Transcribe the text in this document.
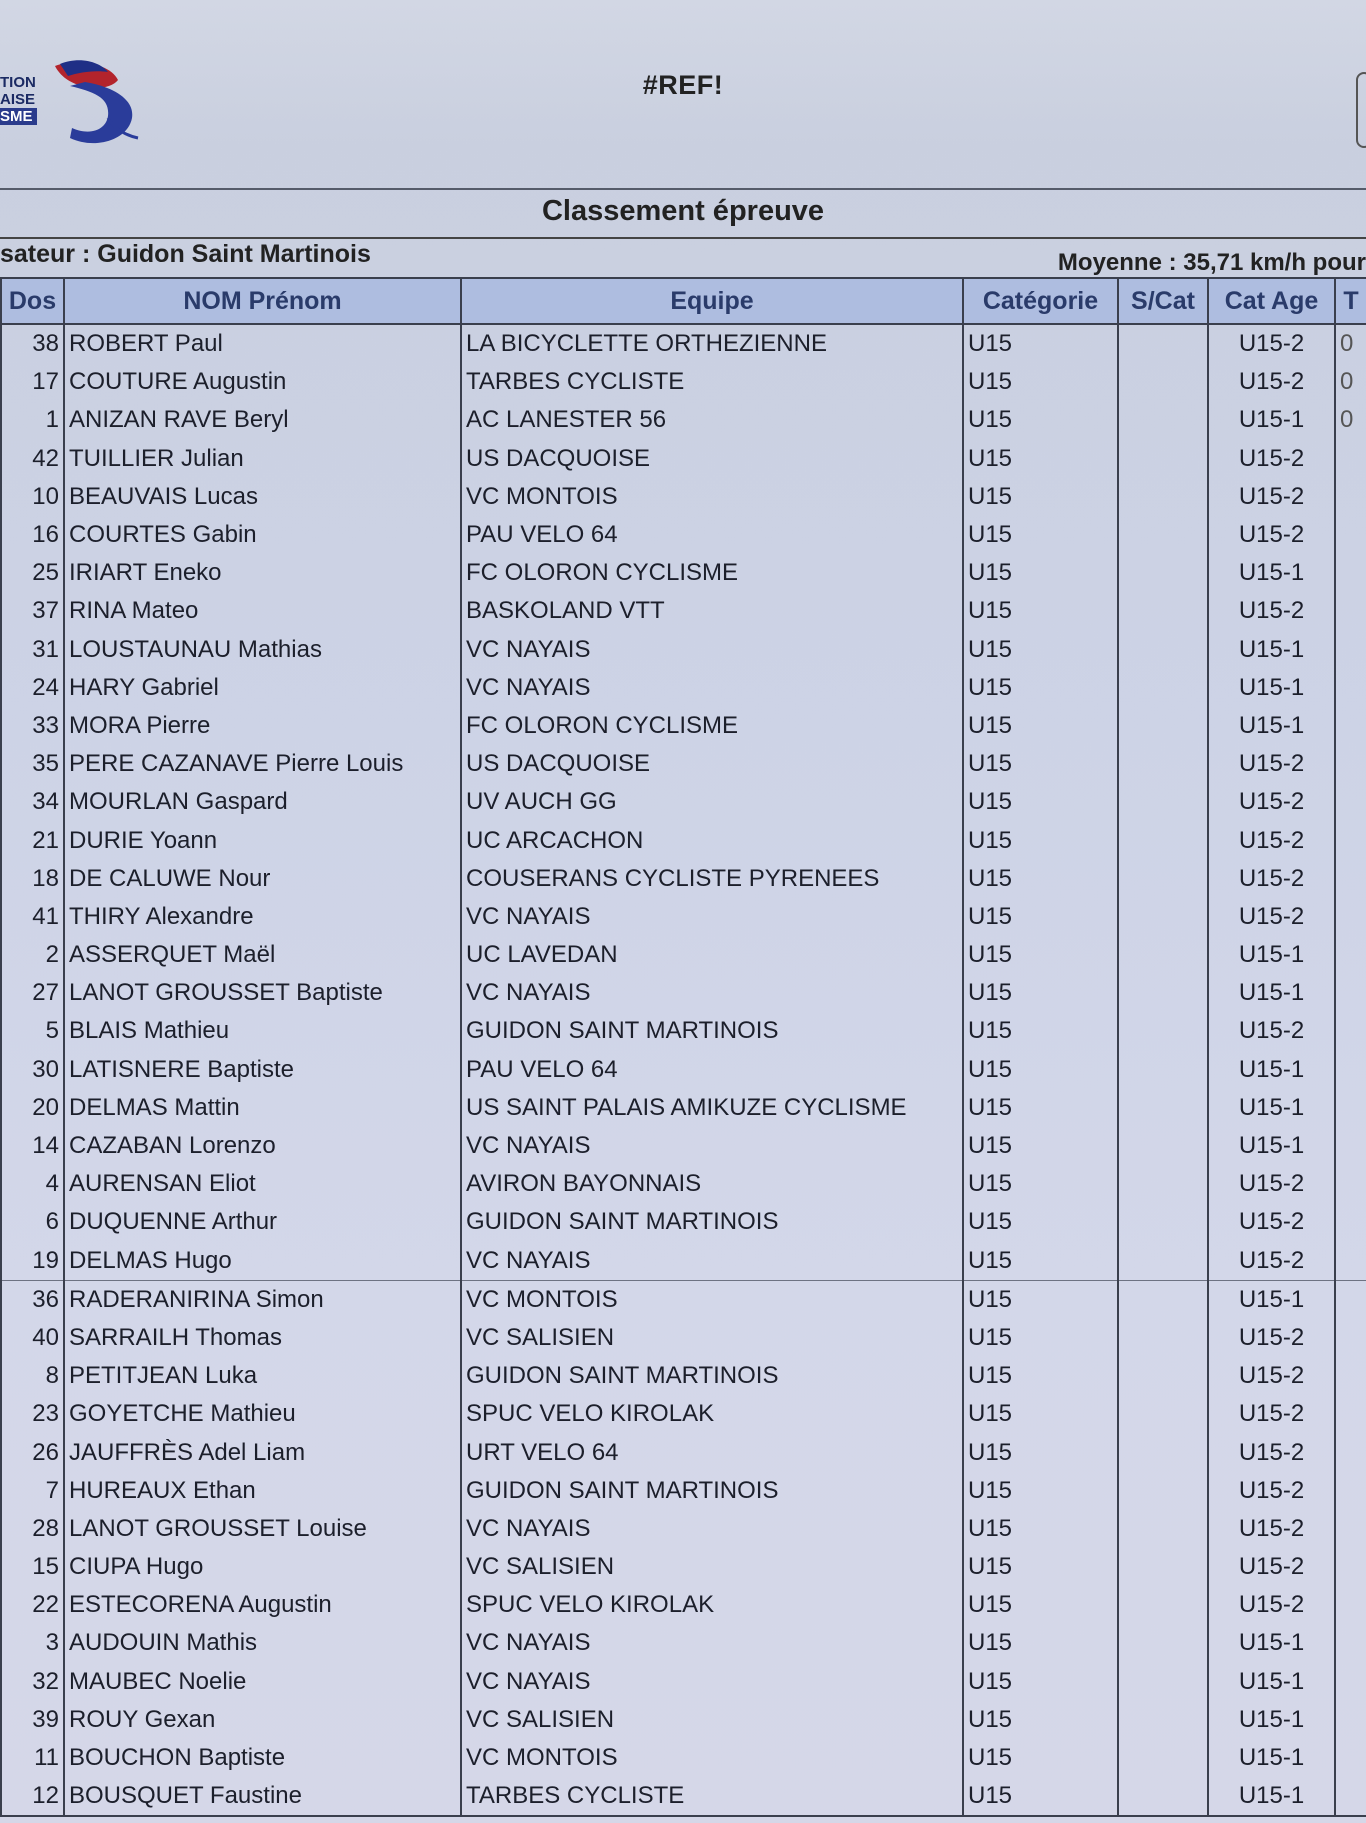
TION
AISE
SME
#REF!
Classement épreuve
sateur : Guidon Saint Martinois	Moyenne : 35,71 km/h pour
Dos	NOM Prénom	Equipe	Catégorie	S/Cat	Cat Age	T
38	ROBERT Paul	LA BICYCLETTE ORTHEZIENNE	U15		U15-2	0
17	COUTURE Augustin	TARBES CYCLISTE	U15		U15-2	0
1	ANIZAN RAVE Beryl	AC LANESTER 56	U15		U15-1	0
42	TUILLIER Julian	US DACQUOISE	U15		U15-2	
10	BEAUVAIS Lucas	VC MONTOIS	U15		U15-2	
16	COURTES Gabin	PAU VELO 64	U15		U15-2	
25	IRIART Eneko	FC OLORON CYCLISME	U15		U15-1	
37	RINA Mateo	BASKOLAND VTT	U15		U15-2	
31	LOUSTAUNAU Mathias	VC NAYAIS	U15		U15-1	
24	HARY Gabriel	VC NAYAIS	U15		U15-1	
33	MORA Pierre	FC OLORON CYCLISME	U15		U15-1	
35	PERE CAZANAVE Pierre Louis	US DACQUOISE	U15		U15-2	
34	MOURLAN Gaspard	UV AUCH GG	U15		U15-2	
21	DURIE Yoann	UC ARCACHON	U15		U15-2	
18	DE CALUWE Nour	COUSERANS CYCLISTE PYRENEES	U15		U15-2	
41	THIRY Alexandre	VC NAYAIS	U15		U15-2	
2	ASSERQUET Maël	UC LAVEDAN	U15		U15-1	
27	LANOT GROUSSET Baptiste	VC NAYAIS	U15		U15-1	
5	BLAIS Mathieu	GUIDON SAINT MARTINOIS	U15		U15-2	
30	LATISNERE Baptiste	PAU VELO 64	U15		U15-1	
20	DELMAS Mattin	US SAINT PALAIS AMIKUZE CYCLISME	U15		U15-1	
14	CAZABAN Lorenzo	VC NAYAIS	U15		U15-1	
4	AURENSAN Eliot	AVIRON BAYONNAIS	U15		U15-2	
6	DUQUENNE Arthur	GUIDON SAINT MARTINOIS	U15		U15-2	
19	DELMAS Hugo	VC NAYAIS	U15		U15-2	
36	RADERANIRINA Simon	VC MONTOIS	U15		U15-1	
40	SARRAILH Thomas	VC SALISIEN	U15		U15-2	
8	PETITJEAN Luka	GUIDON SAINT MARTINOIS	U15		U15-2	
23	GOYETCHE Mathieu	SPUC VELO KIROLAK	U15		U15-2	
26	JAUFFRÈS Adel Liam	URT VELO 64	U15		U15-2	
7	HUREAUX Ethan	GUIDON SAINT MARTINOIS	U15		U15-2	
28	LANOT GROUSSET Louise	VC NAYAIS	U15		U15-2	
15	CIUPA Hugo	VC SALISIEN	U15		U15-2	
22	ESTECORENA Augustin	SPUC VELO KIROLAK	U15		U15-2	
3	AUDOUIN Mathis	VC NAYAIS	U15		U15-1	
32	MAUBEC Noelie	VC NAYAIS	U15		U15-1	
39	ROUY Gexan	VC SALISIEN	U15		U15-1	
11	BOUCHON Baptiste	VC MONTOIS	U15		U15-1	
12	BOUSQUET Faustine	TARBES CYCLISTE	U15		U15-1	
